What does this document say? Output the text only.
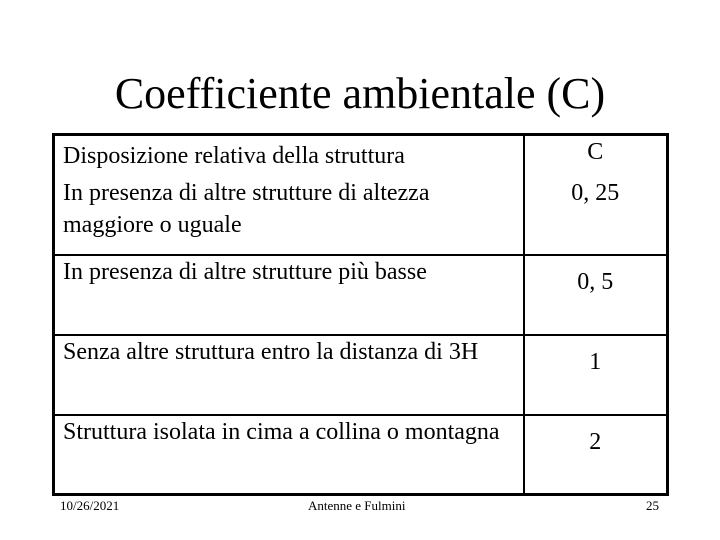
Coefficiente ambientale (C)
Disposizione relativa della struttura	C
In presenza di altre strutture di altezza maggiore o uguale	0, 25
In presenza di altre strutture più basse	0, 5
Senza altre struttura entro la distanza di 3H	1
Struttura isolata in cima a collina o montagna	2
10/26/2021	Antenne e Fulmini	25
